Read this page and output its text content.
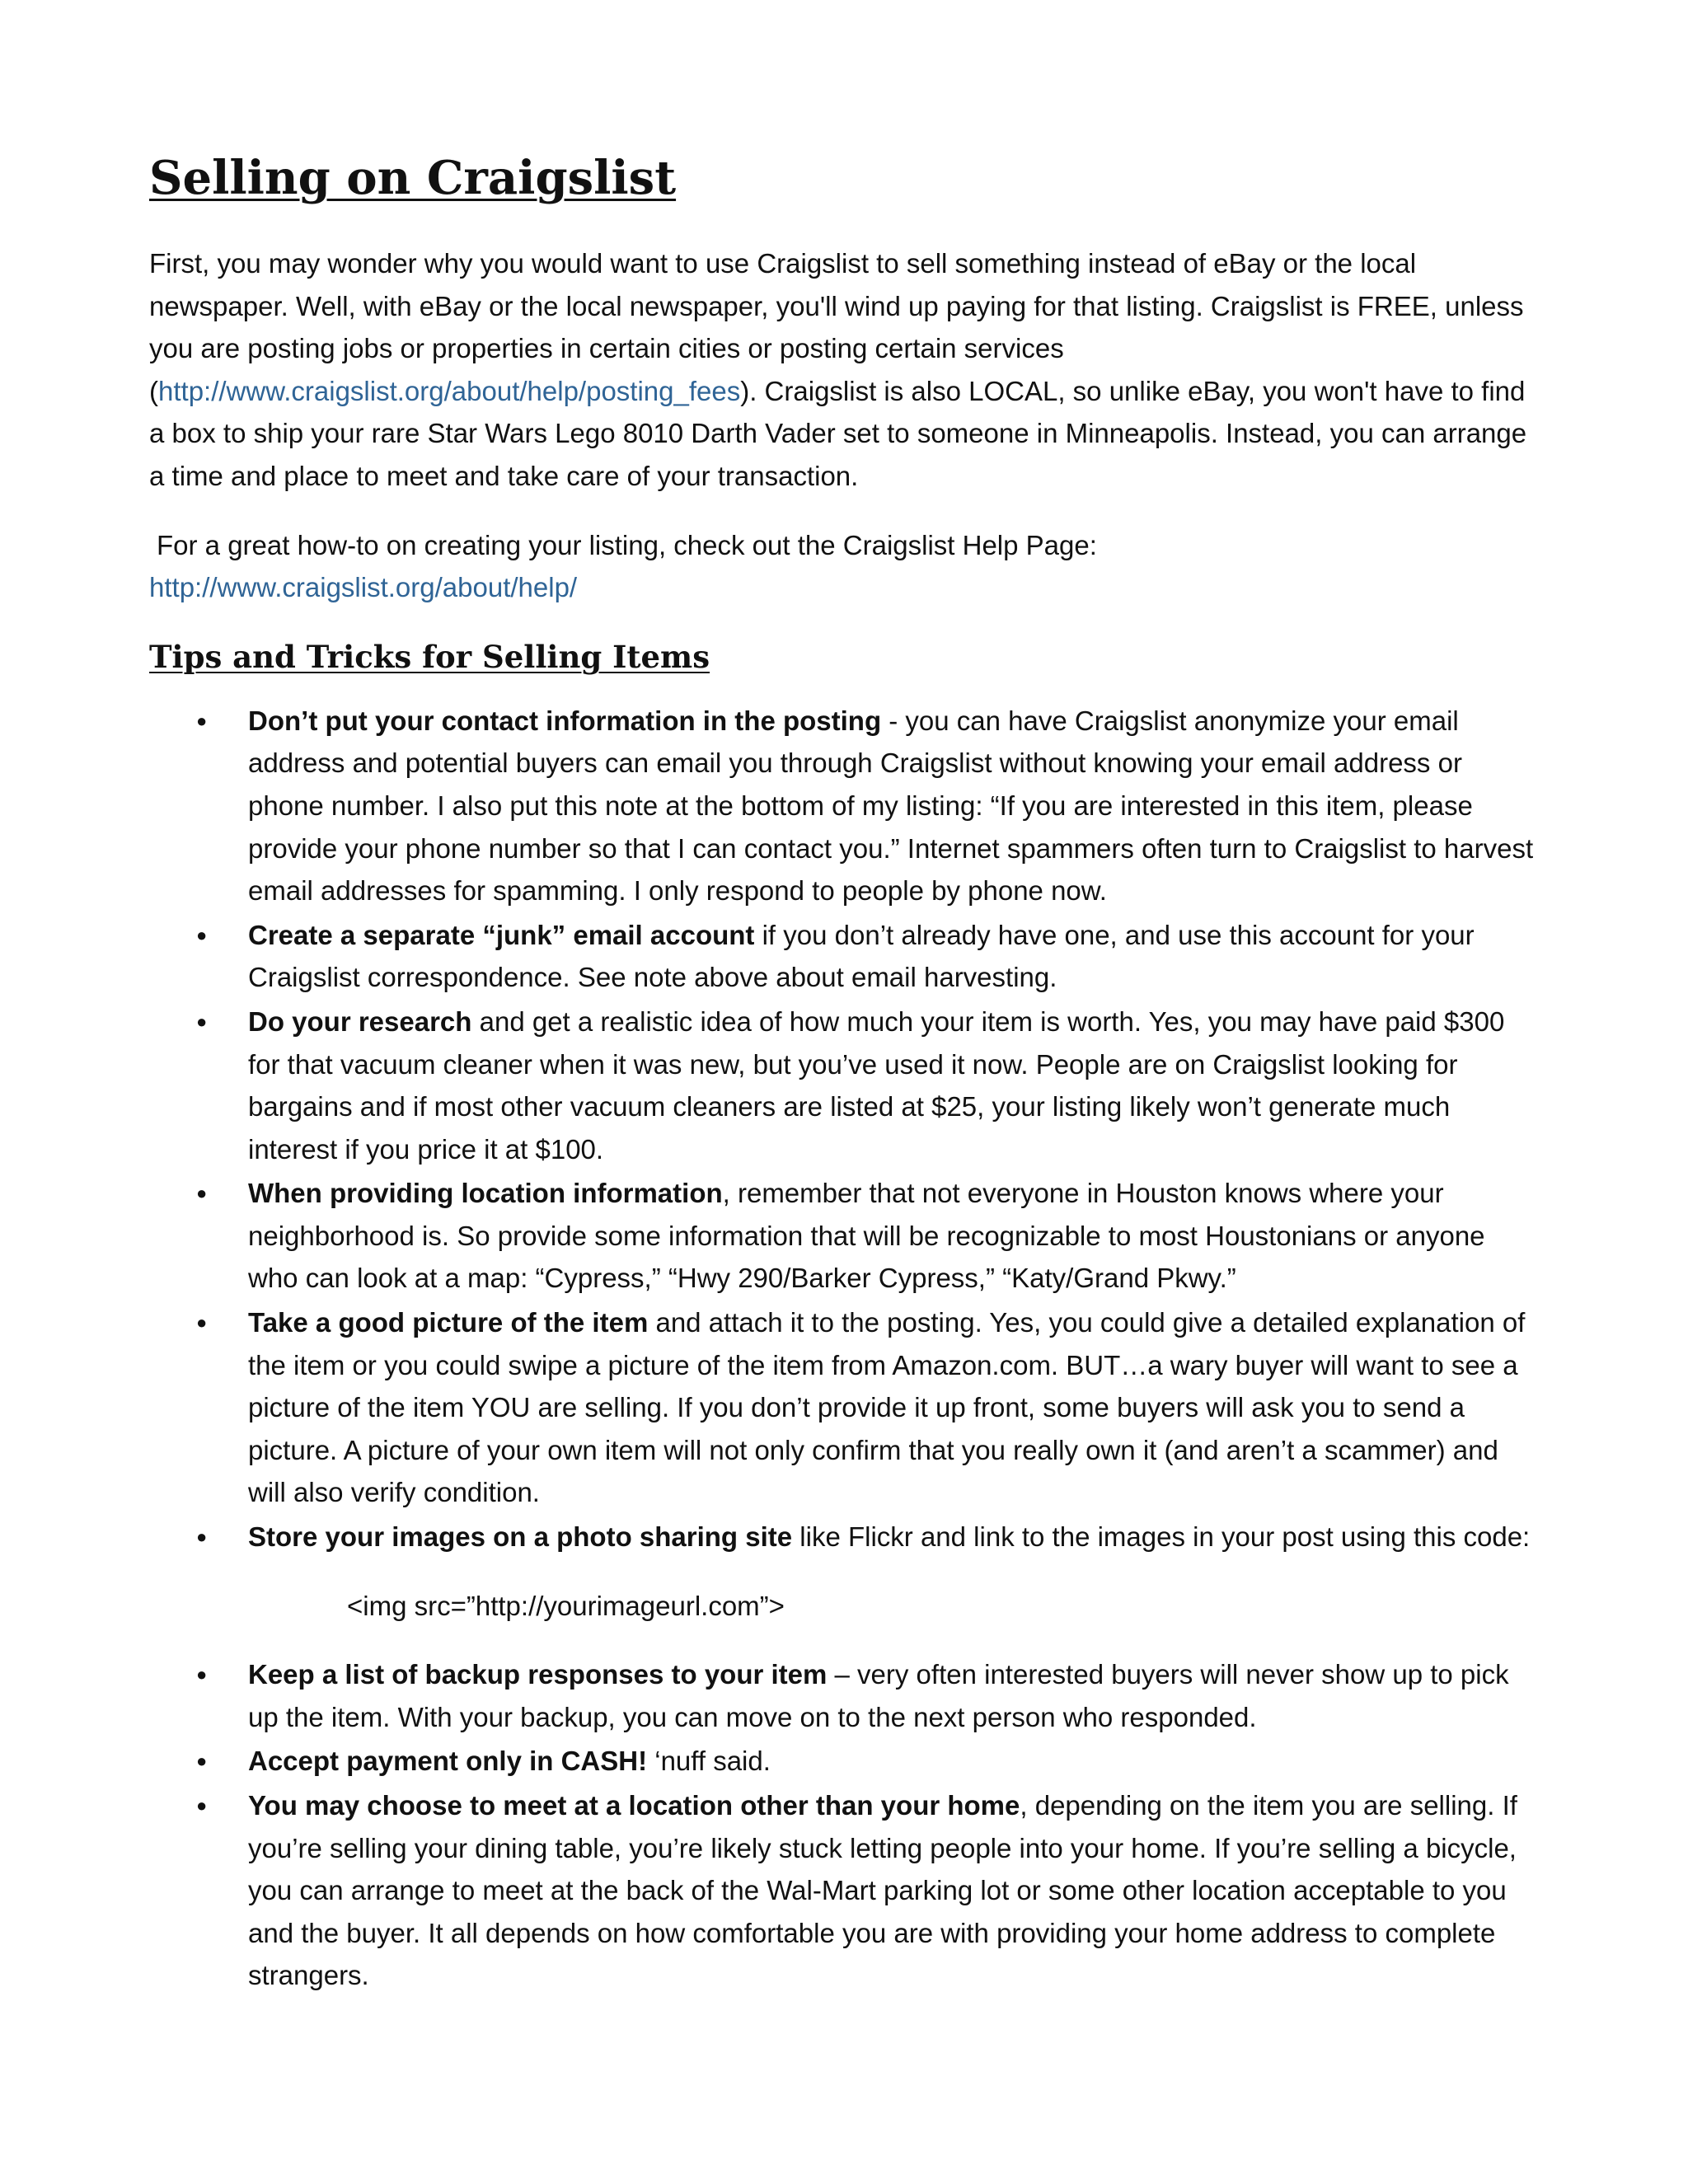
Selling on Craigslist

First, you may wonder why you would want to use Craigslist to sell something instead of eBay or the local newspaper. Well, with eBay or the local newspaper, you'll wind up paying for that listing. Craigslist is FREE, unless you are posting jobs or properties in certain cities or posting certain services (http://www.craigslist.org/about/help/posting_fees). Craigslist is also LOCAL, so unlike eBay, you won't have to find a box to ship your rare Star Wars Lego 8010 Darth Vader set to someone in Minneapolis. Instead, you can arrange a time and place to meet and take care of your transaction.

For a great how-to on creating your listing, check out the Craigslist Help Page:
http://www.craigslist.org/about/help/

Tips and Tricks for Selling Items
● Don’t put your contact information in the posting - you can have Craigslist anonymize your email address and potential buyers can email you through Craigslist without knowing your email address or phone number. I also put this note at the bottom of my listing: “If you are interested in this item, please provide your phone number so that I can contact you.” Internet spammers often turn to Craigslist to harvest email addresses for spamming. I only respond to people by phone now.
● Create a separate “junk” email account if you don’t already have one, and use this account for your Craigslist correspondence. See note above about email harvesting.
● Do your research and get a realistic idea of how much your item is worth. Yes, you may have paid $300 for that vacuum cleaner when it was new, but you’ve used it now. People are on Craigslist looking for bargains and if most other vacuum cleaners are listed at $25, your listing likely won’t generate much interest if you price it at $100.
● When providing location information, remember that not everyone in Houston knows where your neighborhood is. So provide some information that will be recognizable to most Houstonians or anyone who can look at a map: “Cypress,” “Hwy 290/Barker Cypress,” “Katy/Grand Pkwy.”
● Take a good picture of the item and attach it to the posting. Yes, you could give a detailed explanation of the item or you could swipe a picture of the item from Amazon.com. BUT…a wary buyer will want to see a picture of the item YOU are selling. If you don’t provide it up front, some buyers will ask you to send a picture. A picture of your own item will not only confirm that you really own it (and aren’t a scammer) and will also verify condition.
● Store your images on a photo sharing site like Flickr and link to the images in your post using this code:
<img src=”http://yourimageurl.com”>
● Keep a list of backup responses to your item – very often interested buyers will never show up to pick up the item. With your backup, you can move on to the next person who responded.
● Accept payment only in CASH! ‘nuff said.
● You may choose to meet at a location other than your home, depending on the item you are selling. If you’re selling your dining table, you’re likely stuck letting people into your home. If you’re selling a bicycle, you can arrange to meet at the back of the Wal-Mart parking lot or some other location acceptable to you and the buyer. It all depends on how comfortable you are with providing your home address to complete strangers.
